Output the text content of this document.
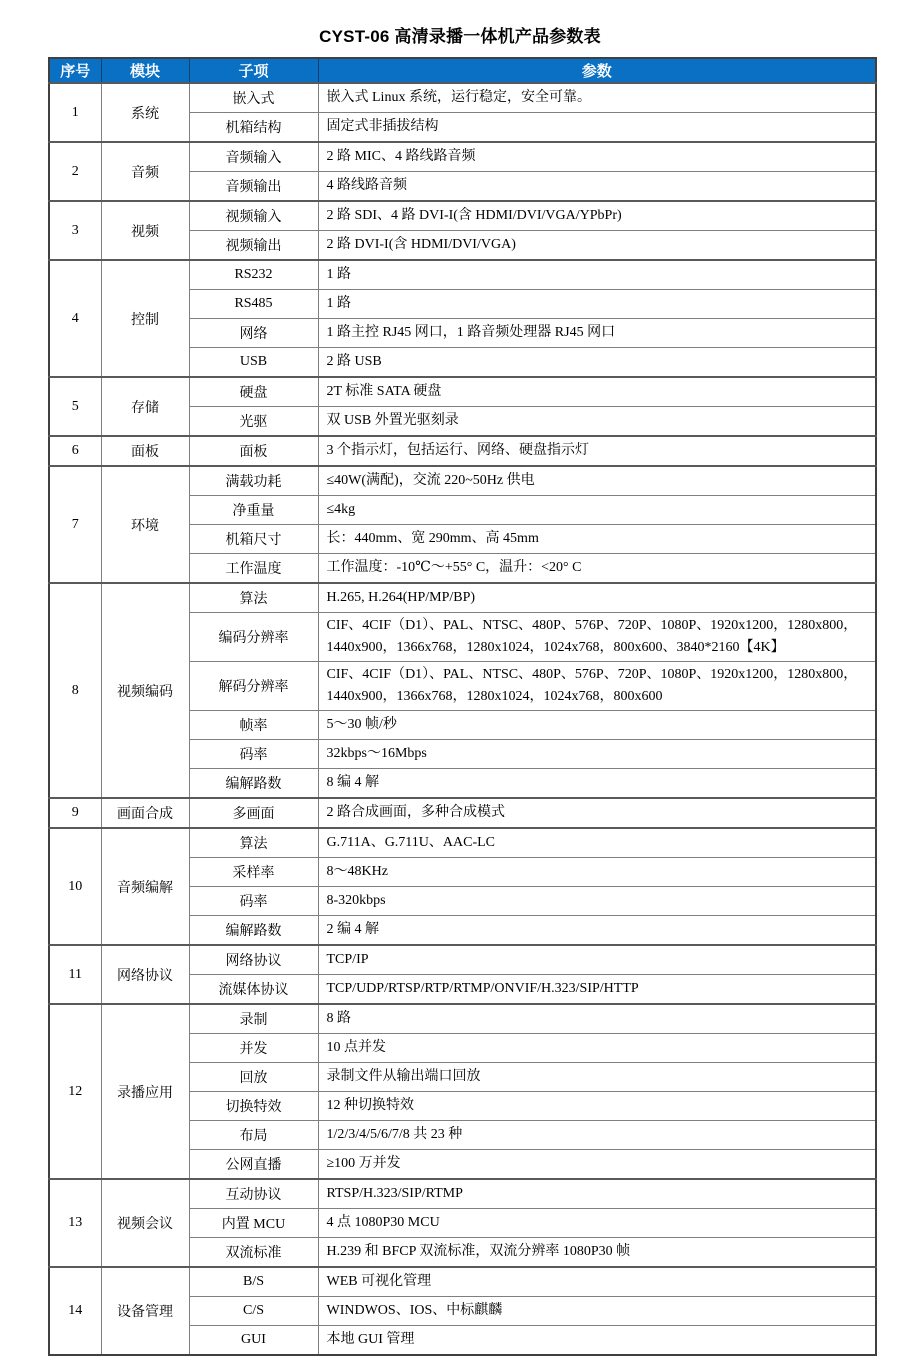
CYST-06 高清录播一体机产品参数表
序号	模块	子项	参数
1	系统	嵌入式	嵌入式 Linux 系统，运行稳定，安全可靠。
		机箱结构	固定式非插拔结构
2	音频	音频输入	2 路 MIC、4 路线路音频
		音频输出	4 路线路音频
3	视频	视频输入	2 路 SDI、4 路 DVI-I(含 HDMI/DVI/VGA/YPbPr)
		视频输出	2 路 DVI-I(含 HDMI/DVI/VGA)
4	控制	RS232	1 路
		RS485	1 路
		网络	1 路主控 RJ45 网口，1 路音频处理器 RJ45 网口
		USB	2 路 USB
5	存储	硬盘	2T 标准 SATA 硬盘
		光驱	双 USB 外置光驱刻录
6	面板	面板	3 个指示灯，包括运行、网络、硬盘指示灯
7	环境	满载功耗	≤40W(满配)，交流 220~50Hz 供电
		净重量	≤4kg
		机箱尺寸	长：440mm、宽 290mm、高 45mm
		工作温度	工作温度：-10℃～+55° C，温升：<20° C
8	视频编码	算法	H.265, H.264(HP/MP/BP)
		编码分辨率	CIF、4CIF（D1）、PAL、NTSC、480P、576P、720P、1080P、1920x1200，1280x800，1440x900，1366x768，1280x1024，1024x768，800x600、3840*2160【4K】
		解码分辨率	CIF、4CIF（D1）、PAL、NTSC、480P、576P、720P、1080P、1920x1200，1280x800，1440x900，1366x768，1280x1024，1024x768，800x600
		帧率	5～30 帧/秒
		码率	32kbps～16Mbps
		编解路数	8 编 4 解
9	画面合成	多画面	2 路合成画面，多种合成模式
10	音频编解	算法	G.711A、G.711U、AAC-LC
		采样率	8～48KHz
		码率	8-320kbps
		编解路数	2 编 4 解
11	网络协议	网络协议	TCP/IP
		流媒体协议	TCP/UDP/RTSP/RTP/RTMP/ONVIF/H.323/SIP/HTTP
12	录播应用	录制	8 路
		并发	10 点并发
		回放	录制文件从输出端口回放
		切换特效	12 种切换特效
		布局	1/2/3/4/5/6/7/8 共 23 种
		公网直播	≥100 万并发
13	视频会议	互动协议	RTSP/H.323/SIP/RTMP
		内置 MCU	4 点 1080P30 MCU
		双流标准	H.239 和 BFCP 双流标准，双流分辨率 1080P30 帧
14	设备管理	B/S	WEB 可视化管理
		C/S	WINDWOS、IOS、中标麒麟
		GUI	本地 GUI 管理
